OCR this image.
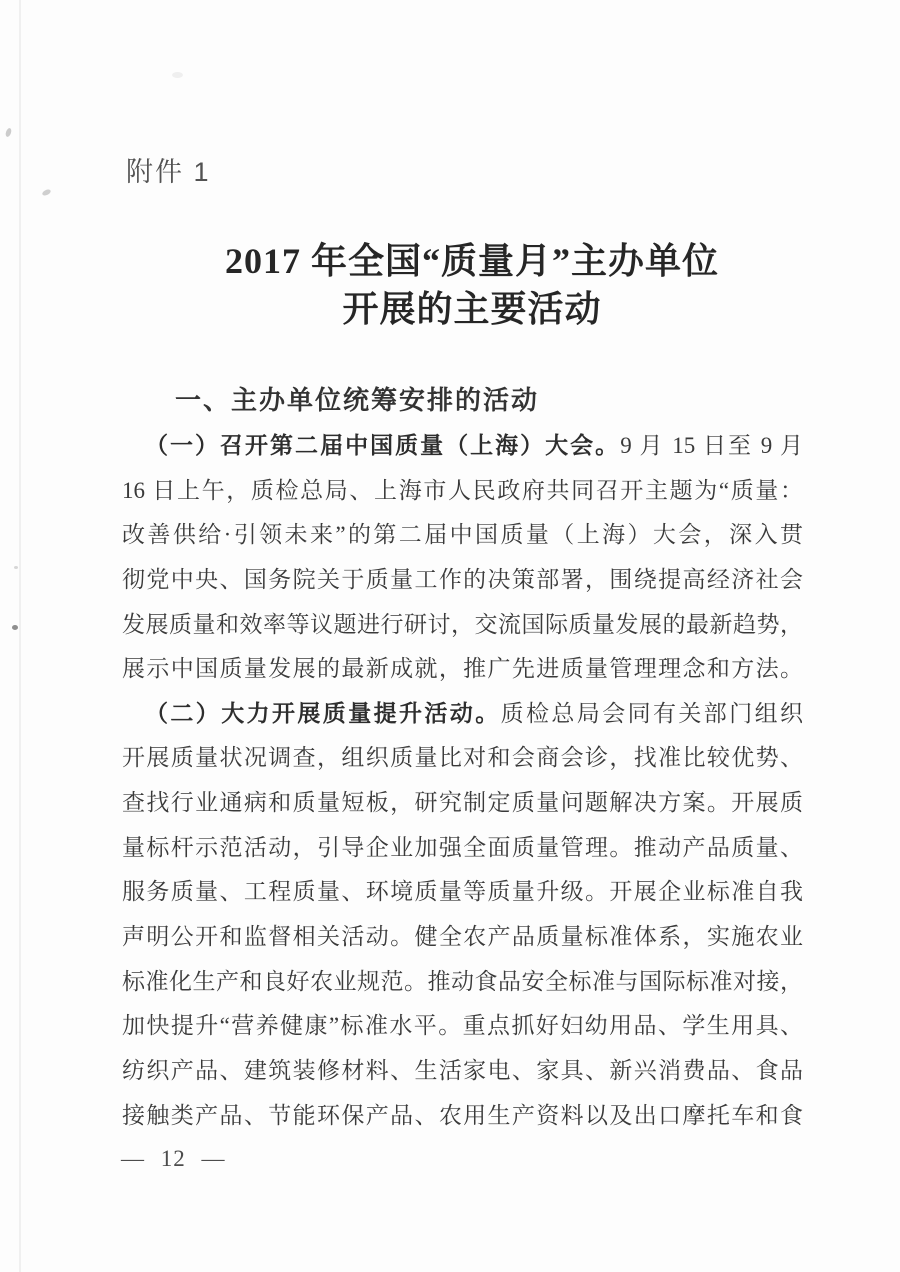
附件 1
2017 年全国“质量月”主办单位
开展的主要活动
一、主办单位统筹安排的活动
（一）召开第二届中国质量（上海）大会。9 月 15 日至 9 月
16 日上午，质检总局、上海市人民政府共同召开主题为“质量：
改善供给·引领未来”的第二届中国质量（上海）大会，深入贯
彻党中央、国务院关于质量工作的决策部署，围绕提高经济社会
发展质量和效率等议题进行研讨，交流国际质量发展的最新趋势，
展示中国质量发展的最新成就，推广先进质量管理理念和方法。
（二）大力开展质量提升活动。质检总局会同有关部门组织
开展质量状况调查，组织质量比对和会商会诊，找准比较优势、
查找行业通病和质量短板，研究制定质量问题解决方案。开展质
量标杆示范活动，引导企业加强全面质量管理。推动产品质量、
服务质量、工程质量、环境质量等质量升级。开展企业标准自我
声明公开和监督相关活动。健全农产品质量标准体系，实施农业
标准化生产和良好农业规范。推动食品安全标准与国际标准对接，
加快提升“营养健康”标准水平。重点抓好妇幼用品、学生用具、
纺织产品、建筑装修材料、生活家电、家具、新兴消费品、食品
接触类产品、节能环保产品、农用生产资料以及出口摩托车和食
— 12 —
